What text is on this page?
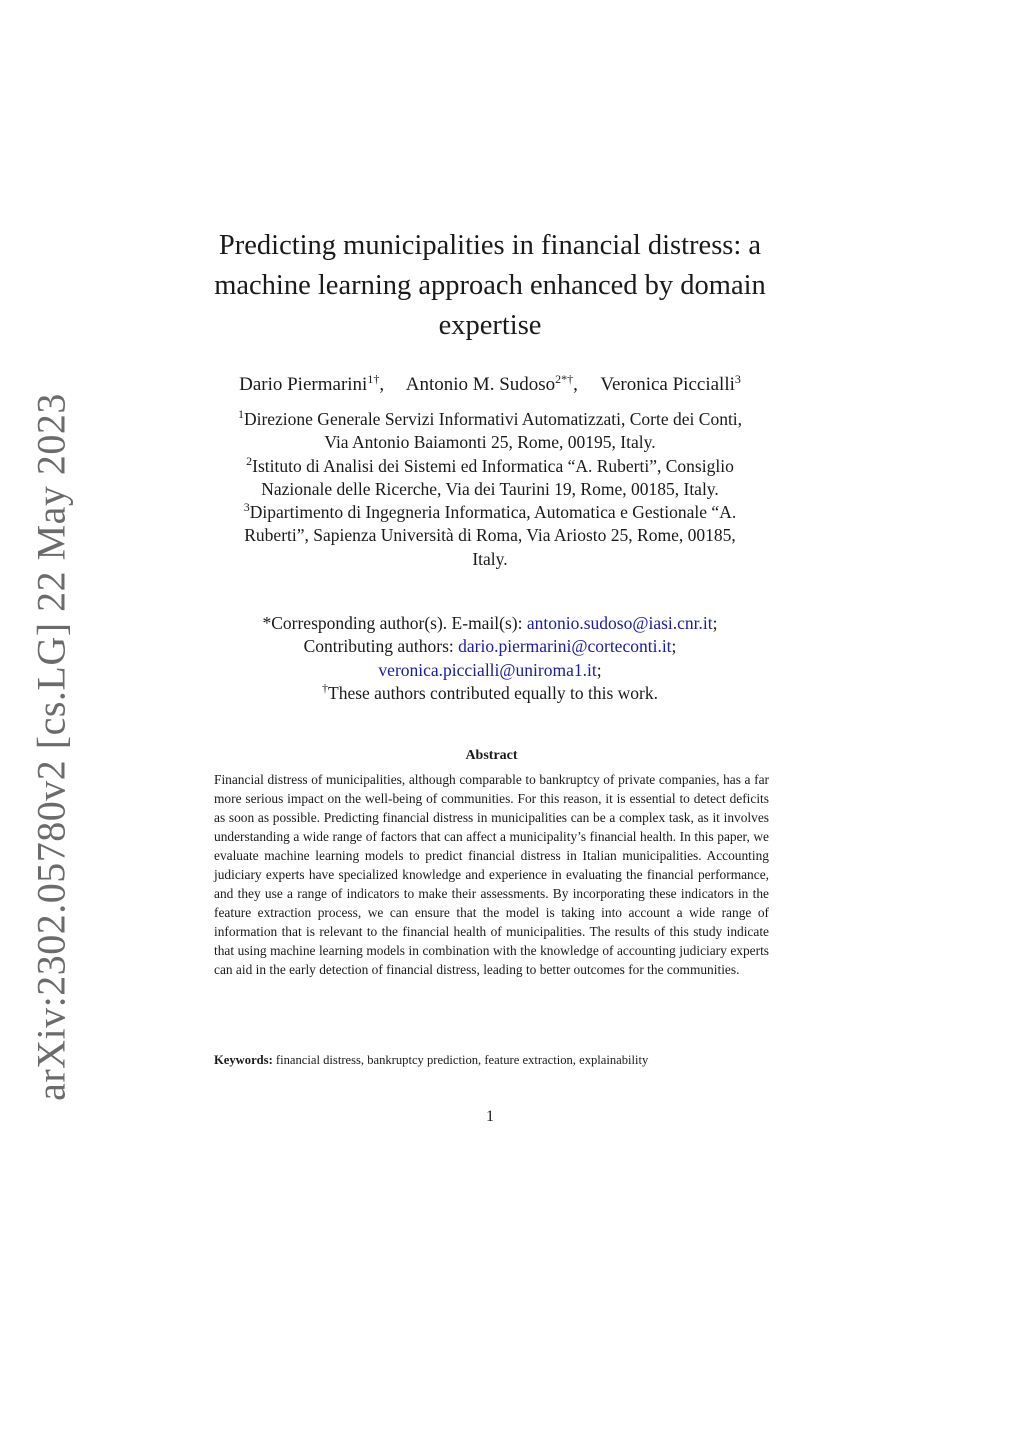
arXiv:2302.05780v2 [cs.LG] 22 May 2023
Predicting municipalities in financial distress: a
machine learning approach enhanced by domain
expertise
Dario Piermarini$^{1\dagger}$, Antonio M. Sudoso$^{2*\dagger}$, Veronica Piccialli$^3$
$^1$Direzione Generale Servizi Informativi Automatizzati, Corte dei Conti,
Via Antonio Baiamonti 25, Rome, 00195, Italy.
$^2$Istituto di Analisi dei Sistemi ed Informatica “A. Ruberti”, Consiglio
Nazionale delle Ricerche, Via dei Taurini 19, Rome, 00185, Italy.
$^3$Dipartimento di Ingegneria Informatica, Automatica e Gestionale “A.
Ruberti”, Sapienza Università di Roma, Via Ariosto 25, Rome, 00185,
Italy.
*Corresponding author(s). E-mail(s): antonio.sudoso@iasi.cnr.it;
Contributing authors: dario.piermarini@corteconti.it;
veronica.piccialli@uniroma1.it;
†These authors contributed equally to this work.
Abstract
Financial distress of municipalities, although comparable to bankruptcy of private companies, has a far more serious impact on the well-being of communities. For this reason, it is essential to detect deficits as soon as possible. Predicting financial distress in municipalities can be a complex task, as it involves understanding a wide range of factors that can affect a municipality’s financial health. In this paper, we evaluate machine learning models to predict financial distress in Italian municipalities. Accounting judiciary experts have specialized knowledge and experience in evaluating the financial performance, and they use a range of indicators to make their assessments. By incorporating these indicators in the feature extraction process, we can ensure that the model is taking into account a wide range of information that is relevant to the financial health of municipalities. The results of this study indicate that using machine learning models in combination with the knowledge of accounting judiciary experts can aid in the early detection of financial distress, leading to better outcomes for the communities.
Keywords: financial distress, bankruptcy prediction, feature extraction, explainability
1
